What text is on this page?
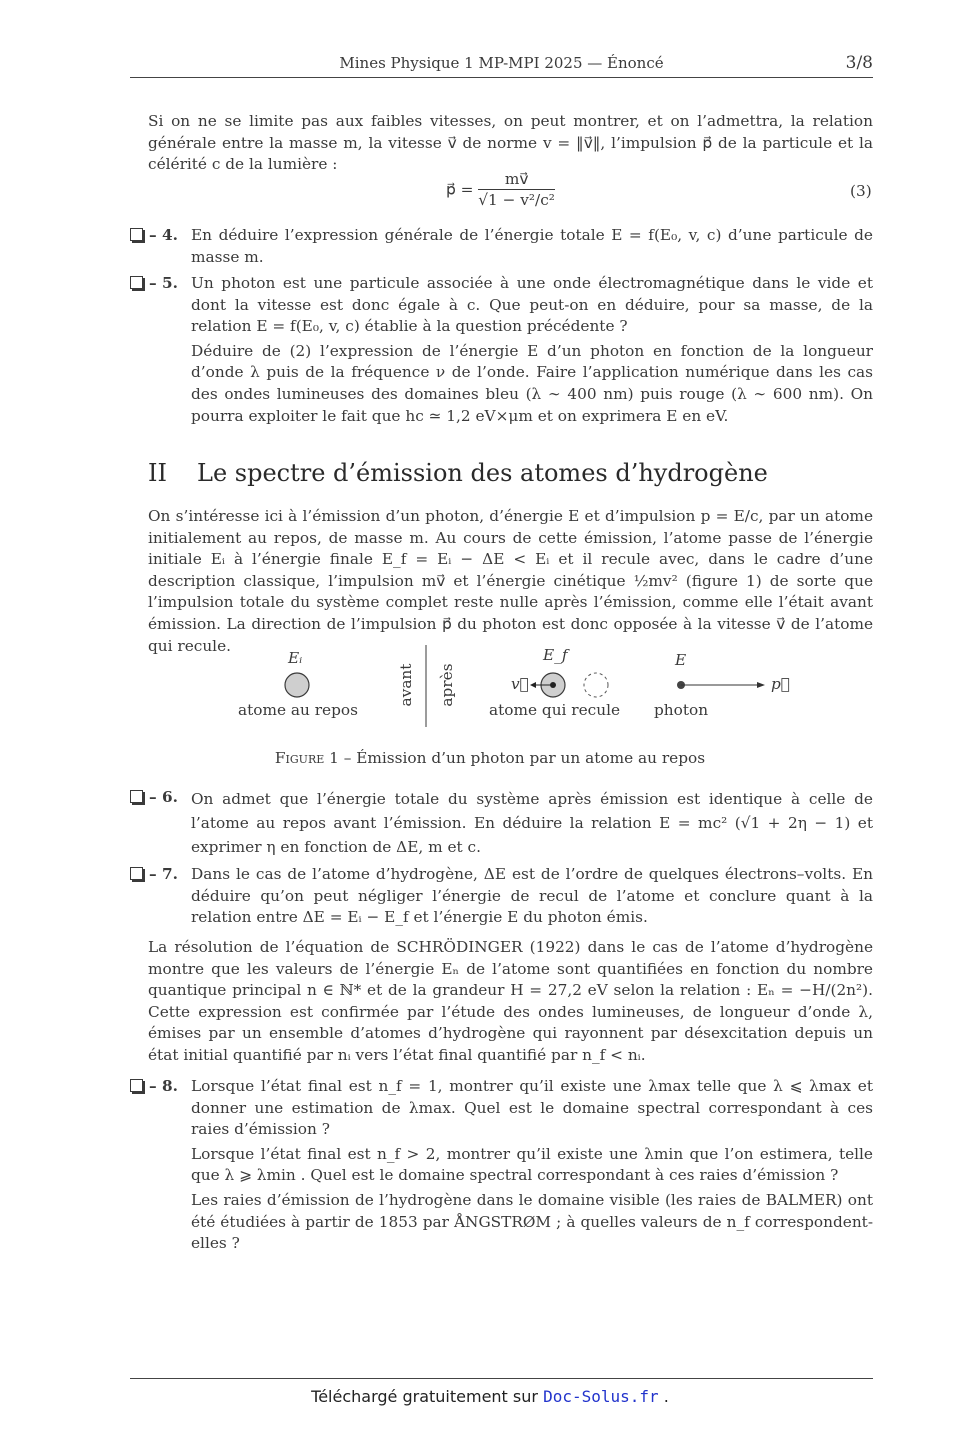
Mines Physique 1 MP-MPI 2025 — Énoncé	3/8

Si on ne se limite pas aux faibles vitesses, on peut montrer, et on l’admettra, la relation générale entre la masse m, la vitesse v⃗ de norme v = ‖v⃗‖, l’impulsion p⃗ de la particule et la célérité c de la lumière :

p⃗ = $\frac{mv⃗}{\text{√1 − v²/c²}}$	(3)
– 4. En déduire l’expression générale de l’énergie totale E = f(E₀, v, c) d’une particule de masse m.

– 5. Un photon est une particule associée à une onde électromagnétique dans le vide et dont la vitesse est donc égale à c. Que peut-on en déduire, pour sa masse, de la relation E = f(E₀, v, c) établie à la question précédente ?

Déduire de (2) l’expression de l’énergie E d’un photon en fonction de la longueur d’onde λ puis de la fréquence ν de l’onde. Faire l’application numérique dans les cas des ondes lumineuses des domaines bleu (λ ∼ 400 nm) puis rouge (λ ∼ 600 nm). On pourra exploiter le fait que hc ≃ 1,2 eV×μm et on exprimera E en eV.

II Le spectre d’émission des atomes d’hydrogène

On s’intéresse ici à l’émission d’un photon, d’énergie E et d’impulsion p = E/c, par un atome initialement au repos, de masse m. Au cours de cette émission, l’atome passe de l’énergie initiale Eᵢ à l’énergie finale E_f = Eᵢ − ΔE < Eᵢ et il recule avec, dans le cadre d’une description classique, l’impulsion mv⃗ et l’énergie cinétique ½mv² (figure 1) de sorte que l’impulsion totale du système complet reste nulle après l’émission, comme elle l’était avant émission. La direction de l’impulsion p⃗ du photon est donc opposée à la vitesse v⃗ de l’atome qui recule.

Eᵢ
atome au repos
avant après
E_f
v⃗
atome qui recule
E
p⃗
photon
Figure 1 – Émission d’un photon par un atome au repos
– 6. On admet que l’énergie totale du système après émission est identique à celle de l’atome au repos avant l’émission. En déduire la relation E = mc² (√1 + 2η − 1) et exprimer η en fonction de ΔE, m et c.

– 7. Dans le cas de l’atome d’hydrogène, ΔE est de l’ordre de quelques électrons–volts. En déduire qu’on peut négliger l’énergie de recul de l’atome et conclure quant à la relation entre ΔE = Eᵢ − E_f et l’énergie E du photon émis.

La résolution de l’équation de SCHRÖDINGER (1922) dans le cas de l’atome d’hydrogène montre que les valeurs de l’énergie Eₙ de l’atome sont quantifiées en fonction du nombre quantique principal n ∈ ℕ* et de la grandeur H = 27,2 eV selon la relation : Eₙ = −H/(2n²). Cette expression est confirmée par l’étude des ondes lumineuses, de longueur d’onde λ, émises par un ensemble d’atomes d’hydrogène qui rayonnent par désexcitation depuis un état initial quantifié par nᵢ vers l’état final quantifié par n_f < nᵢ.

– 8. Lorsque l’état final est n_f = 1, montrer qu’il existe une λmax telle que λ ⩽ λmax et donner une estimation de λmax. Quel est le domaine spectral correspondant à ces raies d’émission ?

Lorsque l’état final est n_f > 2, montrer qu’il existe une λmin que l’on estimera, telle que λ ⩾ λmin . Quel est le domaine spectral correspondant à ces raies d’émission ?

Les raies d’émission de l’hydrogène dans le domaine visible (les raies de BALMER) ont été étudiées à partir de 1853 par ÅNGSTRØM ; à quelles valeurs de n_f correspondent-elles ?

Téléchargé gratuitement sur Doc-Solus.fr .
